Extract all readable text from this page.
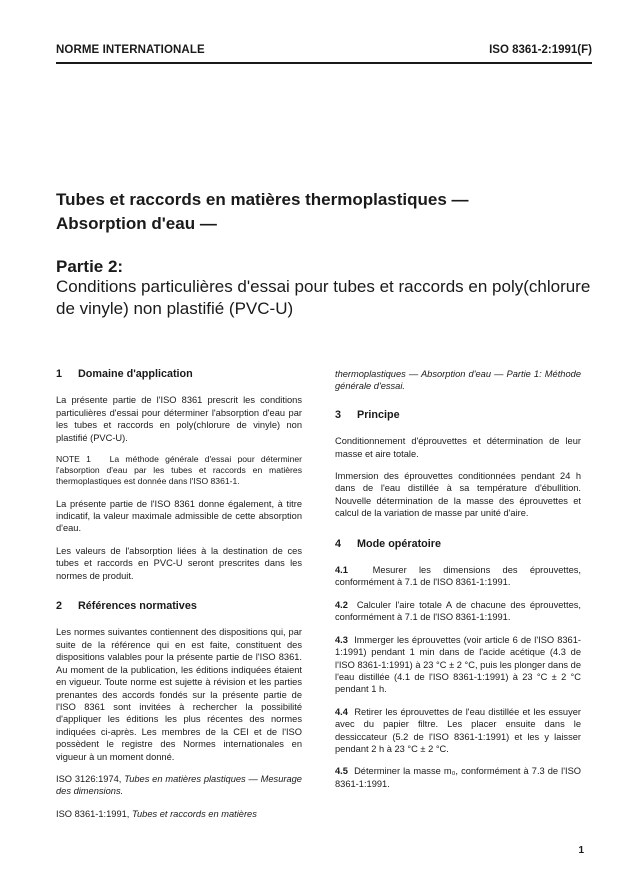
NORME INTERNATIONALE	ISO 8361-2:1991(F)
Tubes et raccords en matières thermoplastiques —
Absorption d'eau —
Partie 2:
Conditions particulières d'essai pour tubes et raccords en poly(chlorure de vinyle) non plastifié (PVC-U)
1 Domaine d'application

La présente partie de l'ISO 8361 prescrit les conditions particulières d'essai pour déterminer l'absorption d'eau par les tubes et raccords en poly(chlorure de vinyle) non plastifié (PVC-U).

NOTE 1 La méthode générale d'essai pour déterminer l'absorption d'eau par les tubes et raccords en matières thermoplastiques est donnée dans l'ISO 8361-1.

La présente partie de l'ISO 8361 donne également, à titre indicatif, la valeur maximale admissible de cette absorption d'eau.

Les valeurs de l'absorption liées à la destination de ces tubes et raccords en PVC-U seront prescrites dans les normes de produit.

2 Références normatives

Les normes suivantes contiennent des dispositions qui, par suite de la référence qui en est faite, constituent des dispositions valables pour la présente partie de l'ISO 8361. Au moment de la publication, les éditions indiquées étaient en vigueur. Toute norme est sujette à révision et les parties prenantes des accords fondés sur la présente partie de l'ISO 8361 sont invitées à rechercher la possibilité d'appliquer les éditions les plus récentes des normes indiquées ci-après. Les membres de la CEI et de l'ISO possèdent le registre des Normes internationales en vigueur à un moment donné.

ISO 3126:1974, Tubes en matières plastiques — Mesurage des dimensions.

ISO 8361-1:1991, Tubes et raccords en matières

thermoplastiques — Absorption d'eau — Partie 1: Méthode générale d'essai.

3 Principe

Conditionnement d'éprouvettes et détermination de leur masse et aire totale.

Immersion des éprouvettes conditionnées pendant 24 h dans de l'eau distillée à sa température d'ébullition. Nouvelle détermination de la masse des éprouvettes et calcul de la variation de masse par unité d'aire.

4 Mode opératoire

4.1	Mesurer les dimensions des éprouvettes, conformément à 7.1 de l'ISO 8361-1:1991.

4.2 Calculer l'aire totale A de chacune des éprouvettes, conformément à 7.1 de l'ISO 8361-1:1991.

4.3 Immerger les éprouvettes (voir article 6 de l'ISO 8361-1:1991) pendant 1 min dans de l'acide acétique (4.3 de l'ISO 8361-1:1991) à 23 °C ± 2 °C, puis les plonger dans de l'eau distillée (4.1 de l'ISO 8361-1:1991) à 23 °C ± 2 °C pendant 1 h.

4.4 Retirer les éprouvettes de l'eau distillée et les essuyer avec du papier filtre. Les placer ensuite dans le dessiccateur (5.2 de l'ISO 8361-1:1991) et les y laisser pendant 2 h à 23 °C ± 2 °C.

4.5 Déterminer la masse m₀, conformément à 7.3 de l'ISO 8361-1:1991.

1
